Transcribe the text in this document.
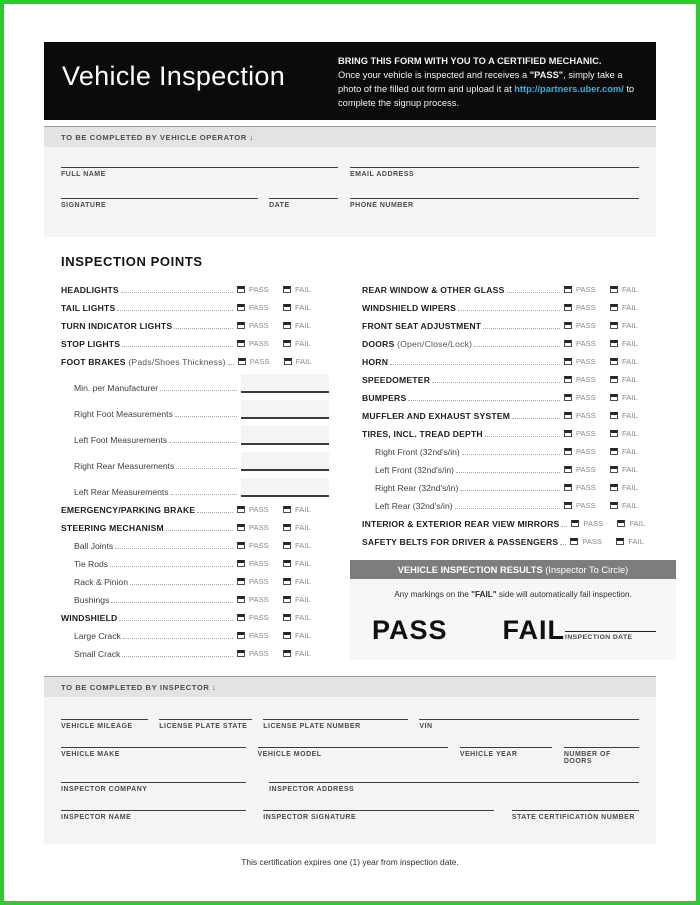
Vehicle Inspection	BRING THIS FORM WITH YOU TO A CERTIFIED MECHANIC.
Once your vehicle is inspected and receives a "PASS", simply take a photo of the filled out form and upload it at http://partners.uber.com/ to complete the signup process.
TO BE COMPLETED BY VEHICLE OPERATOR ↓
FULL NAME	EMAIL ADDRESS
SIGNATURE	DATE	PHONE NUMBER
INSPECTION POINTS
HEADLIGHTS	PASS	FAIL
TAIL LIGHTS	PASS	FAIL
TURN INDICATOR LIGHTS	PASS	FAIL
STOP LIGHTS	PASS	FAIL
FOOT BRAKES (Pads/Shoes Thickness)	PASS	FAIL
Min. per Manufacturer
Right Foot Measurements
Left Foot Measurements
Right Rear Measurements
Left Rear Measurements
EMERGENCY/PARKING BRAKE	PASS	FAIL
STEERING MECHANISM	PASS	FAIL
Ball Joints	PASS	FAIL
Tie Rods	PASS	FAIL
Rack & Pinion	PASS	FAIL
Bushings	PASS	FAIL
WINDSHIELD	PASS	FAIL
Large Crack	PASS	FAIL
Small Crack	PASS	FAIL
REAR WINDOW & OTHER GLASS	PASS	FAIL
WINDSHIELD WIPERS	PASS	FAIL
FRONT SEAT ADJUSTMENT	PASS	FAIL
DOORS (Open/Close/Lock)	PASS	FAIL
HORN	PASS	FAIL
SPEEDOMETER	PASS	FAIL
BUMPERS	PASS	FAIL
MUFFLER AND EXHAUST SYSTEM	PASS	FAIL
TIRES, INCL. TREAD DEPTH	PASS	FAIL
Right Front (32nd's/in)	PASS	FAIL
Left Front (32nd's/in)	PASS	FAIL
Right Rear (32nd's/in)	PASS	FAIL
Left Rear (32nd's/in)	PASS	FAIL
INTERIOR & EXTERIOR REAR VIEW MIRRORS	PASS	FAIL
SAFETY BELTS FOR DRIVER & PASSENGERS	PASS	FAIL
VEHICLE INSPECTION RESULTS (Inspector To Circle)
Any markings on the "FAIL" side will automatically fail inspection.
PASS FAIL INSPECTION DATE
TO BE COMPLETED BY INSPECTOR ↓
VEHICLE MILEAGE	LICENSE PLATE STATE	LICENSE PLATE NUMBER	VIN
VEHICLE MAKE	VEHICLE MODEL	VEHICLE YEAR	NUMBER OF DOORS
INSPECTOR COMPANY	INSPECTOR ADDRESS
INSPECTOR NAME	INSPECTOR SIGNATURE	STATE CERTIFICATION NUMBER
This certification expires one (1) year from inspection date.
